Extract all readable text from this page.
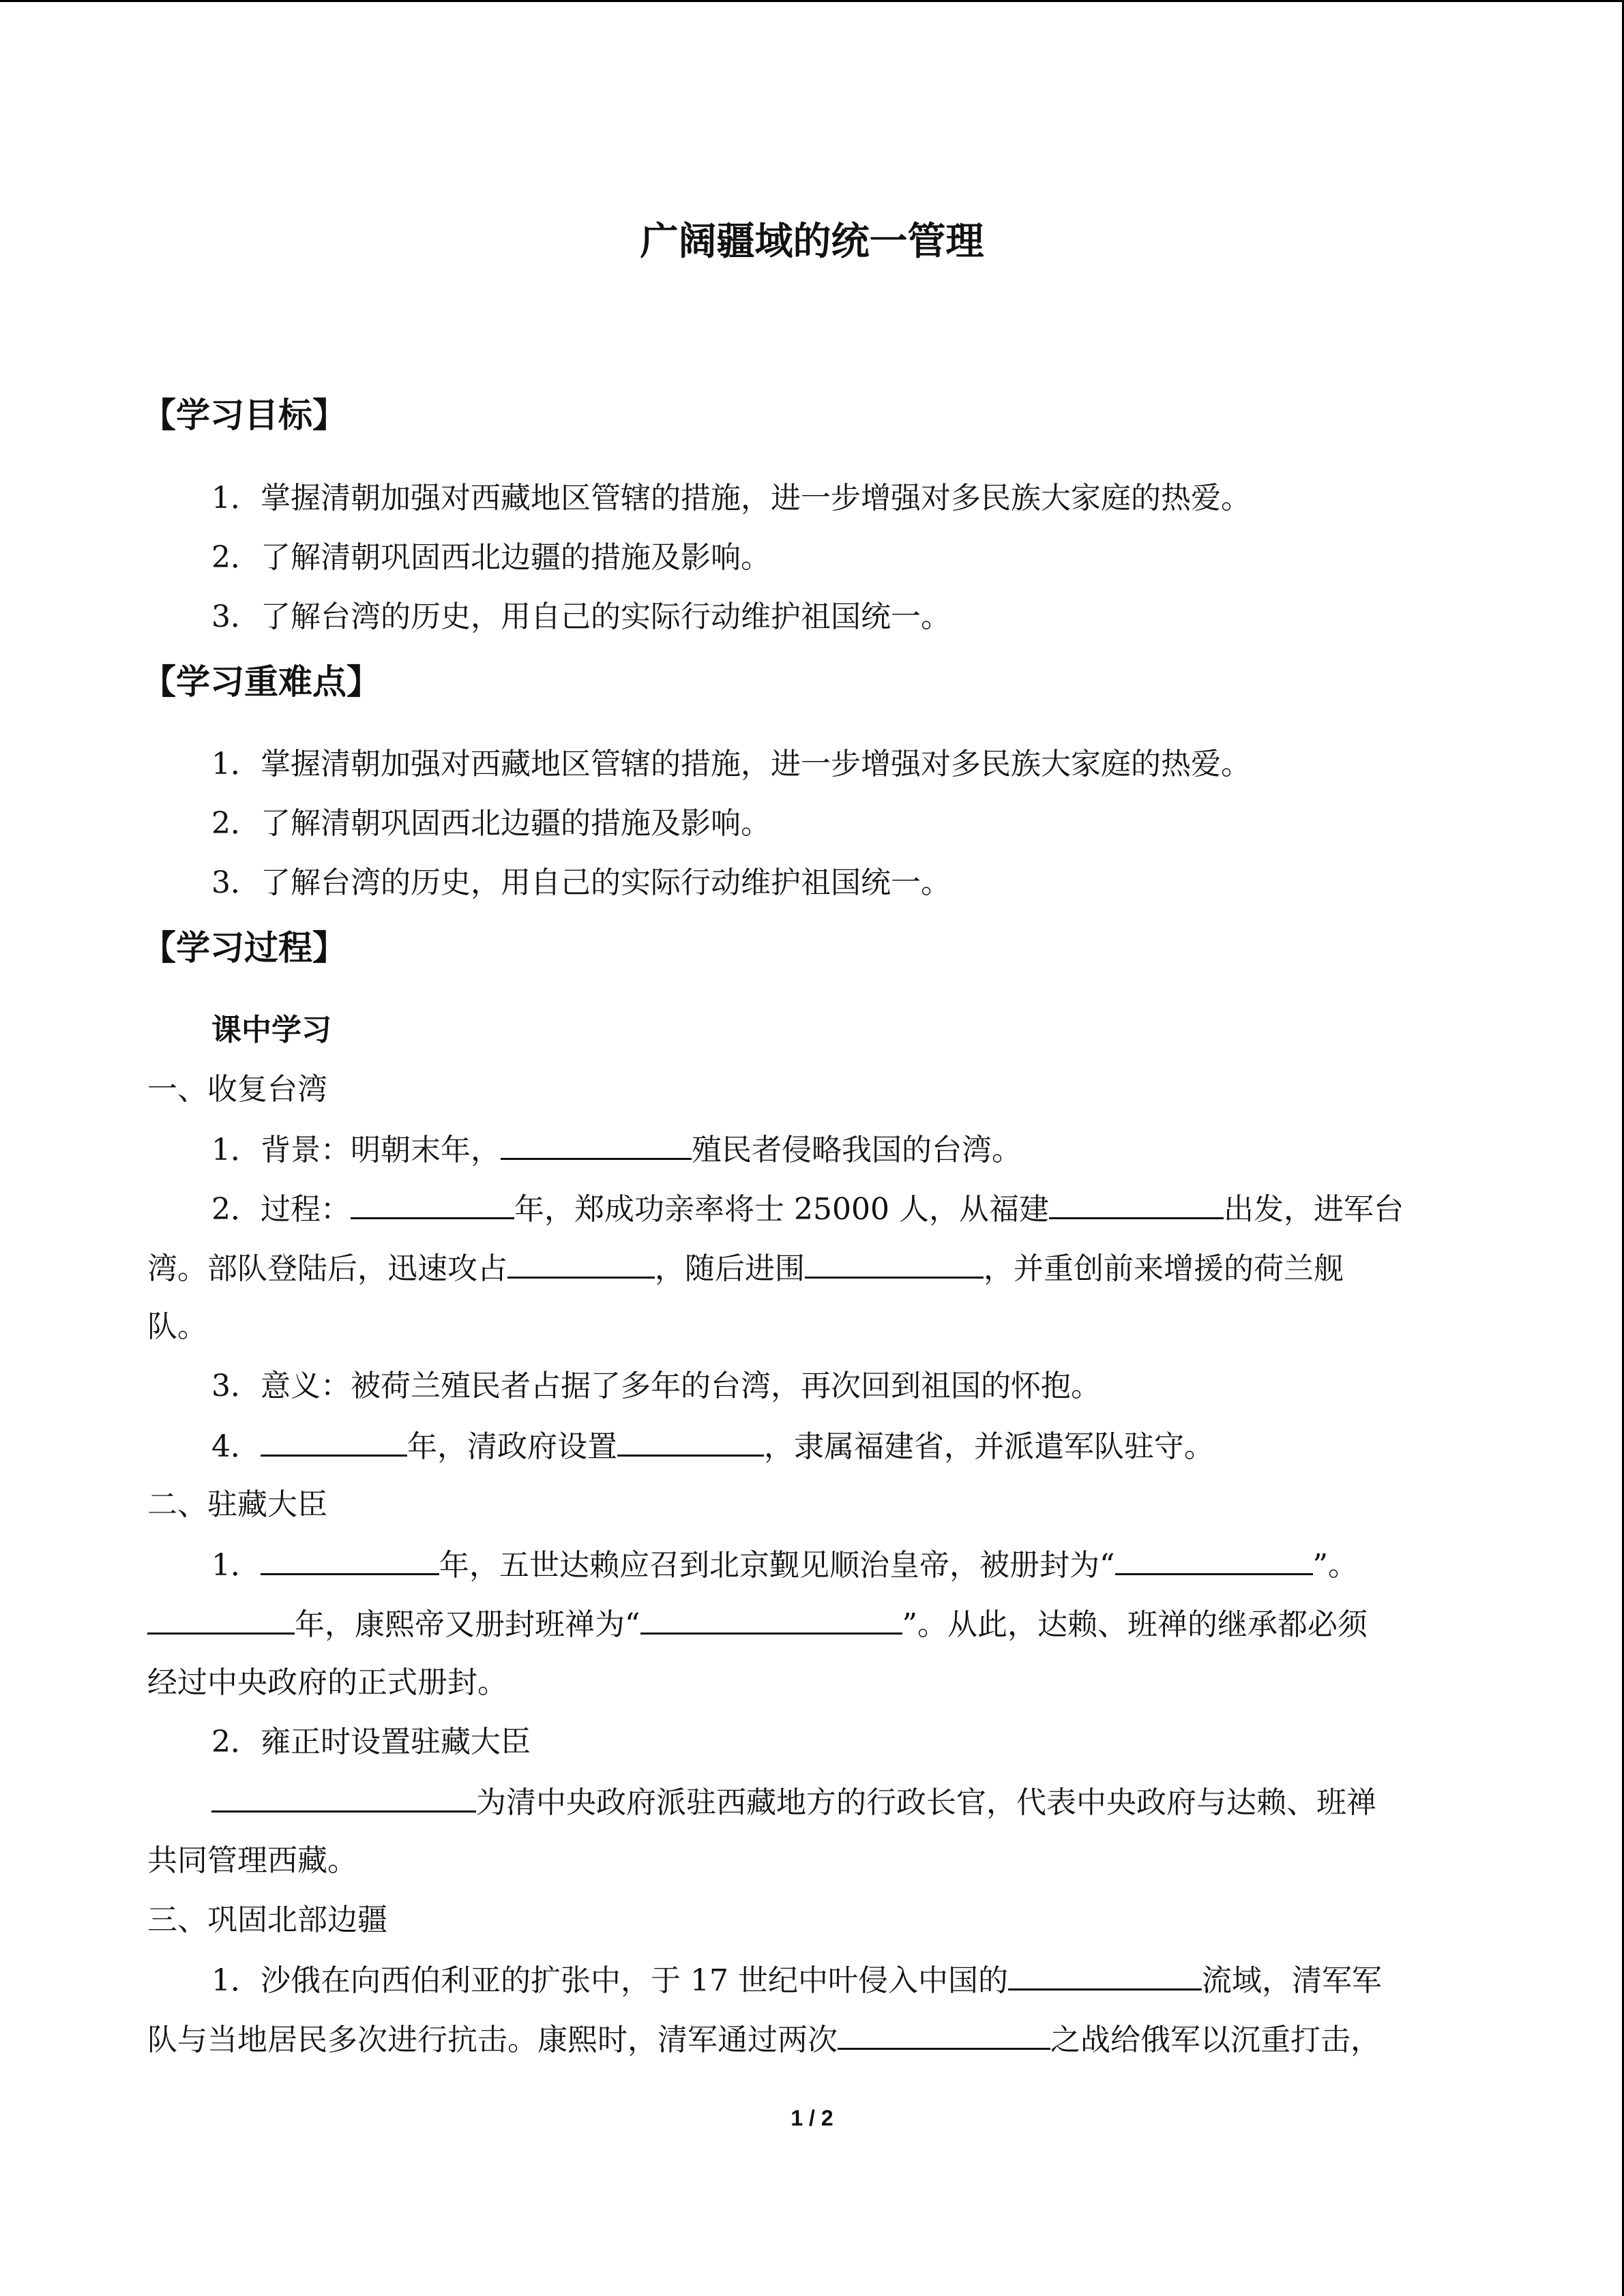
广阔疆域的统一管理
【学习目标】
1．掌握清朝加强对西藏地区管辖的措施，进一步增强对多民族大家庭的热爱。
2．了解清朝巩固西北边疆的措施及影响。
3．了解台湾的历史，用自己的实际行动维护祖国统一。
【学习重难点】
1．掌握清朝加强对西藏地区管辖的措施，进一步增强对多民族大家庭的热爱。
2．了解清朝巩固西北边疆的措施及影响。
3．了解台湾的历史，用自己的实际行动维护祖国统一。
【学习过程】
课中学习
一、收复台湾
1．背景：明朝末年，	殖民者侵略我国的台湾。
2．过程：	年，郑成功亲率将士 25000 人，从福建	出发，进军台
湾。部队登陆后，迅速攻占	，随后进围	，并重创前来增援的荷兰舰
队。
3．意义：被荷兰殖民者占据了多年的台湾，再次回到祖国的怀抱。
4．	年，清政府设置	，隶属福建省，并派遣军队驻守。
二、驻藏大臣
1．	年，五世达赖应召到北京觐见顺治皇帝，被册封为“	”。
年，康熙帝又册封班禅为“	”。从此，达赖、班禅的继承都必须
经过中央政府的正式册封。
2．雍正时设置驻藏大臣
为清中央政府派驻西藏地方的行政长官，代表中央政府与达赖、班禅
共同管理西藏。
三、巩固北部边疆
1．沙俄在向西伯利亚的扩张中，于 17 世纪中叶侵入中国的	流域，清军军
队与当地居民多次进行抗击。康熙时，清军通过两次	之战给俄军以沉重打击，
1 / 2
